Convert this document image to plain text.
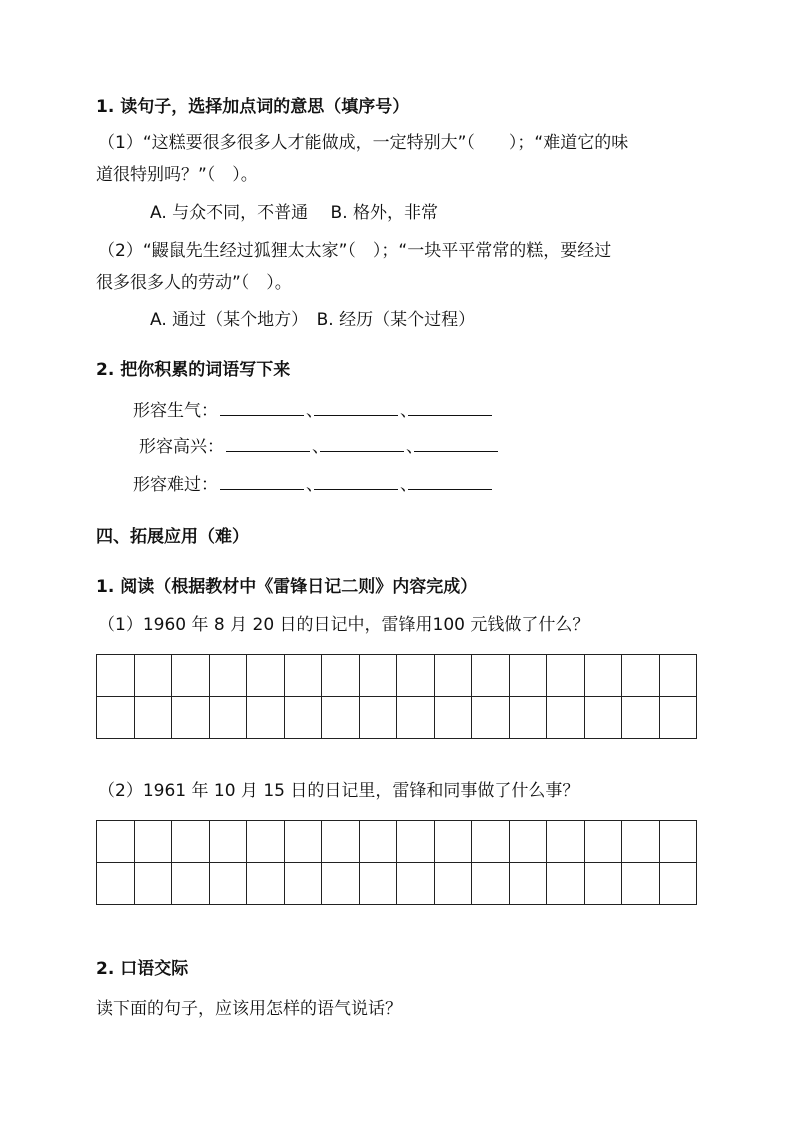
1. 读句子，选择加点词的意思（填序号）
（1）“这糕要很多很多人才能做成，一定特别大”（　　）；“难道它的味
道很特别吗？”（　）。
A. 与众不同，不普通　 B. 格外，非常
（2）“鼹鼠先生经过狐狸太太家”（　）；“一块平平常常的糕，要经过
很多很多人的劳动”（　）。
A. 通过（某个地方）　B. 经历（某个过程）
2. 把你积累的词语写下来
形容生气：	、	、
形容高兴：	、	、
形容难过：	、	、
四、拓展应用（难）
1. 阅读（根据教材中《雷锋日记二则》内容完成）
（1）1960 年 8 月 20 日的日记中，雷锋用100 元钱做了什么？

（2）1961 年 10 月 15 日的日记里，雷锋和同事做了什么事？

2. 口语交际
读下面的句子，应该用怎样的语气说话？
